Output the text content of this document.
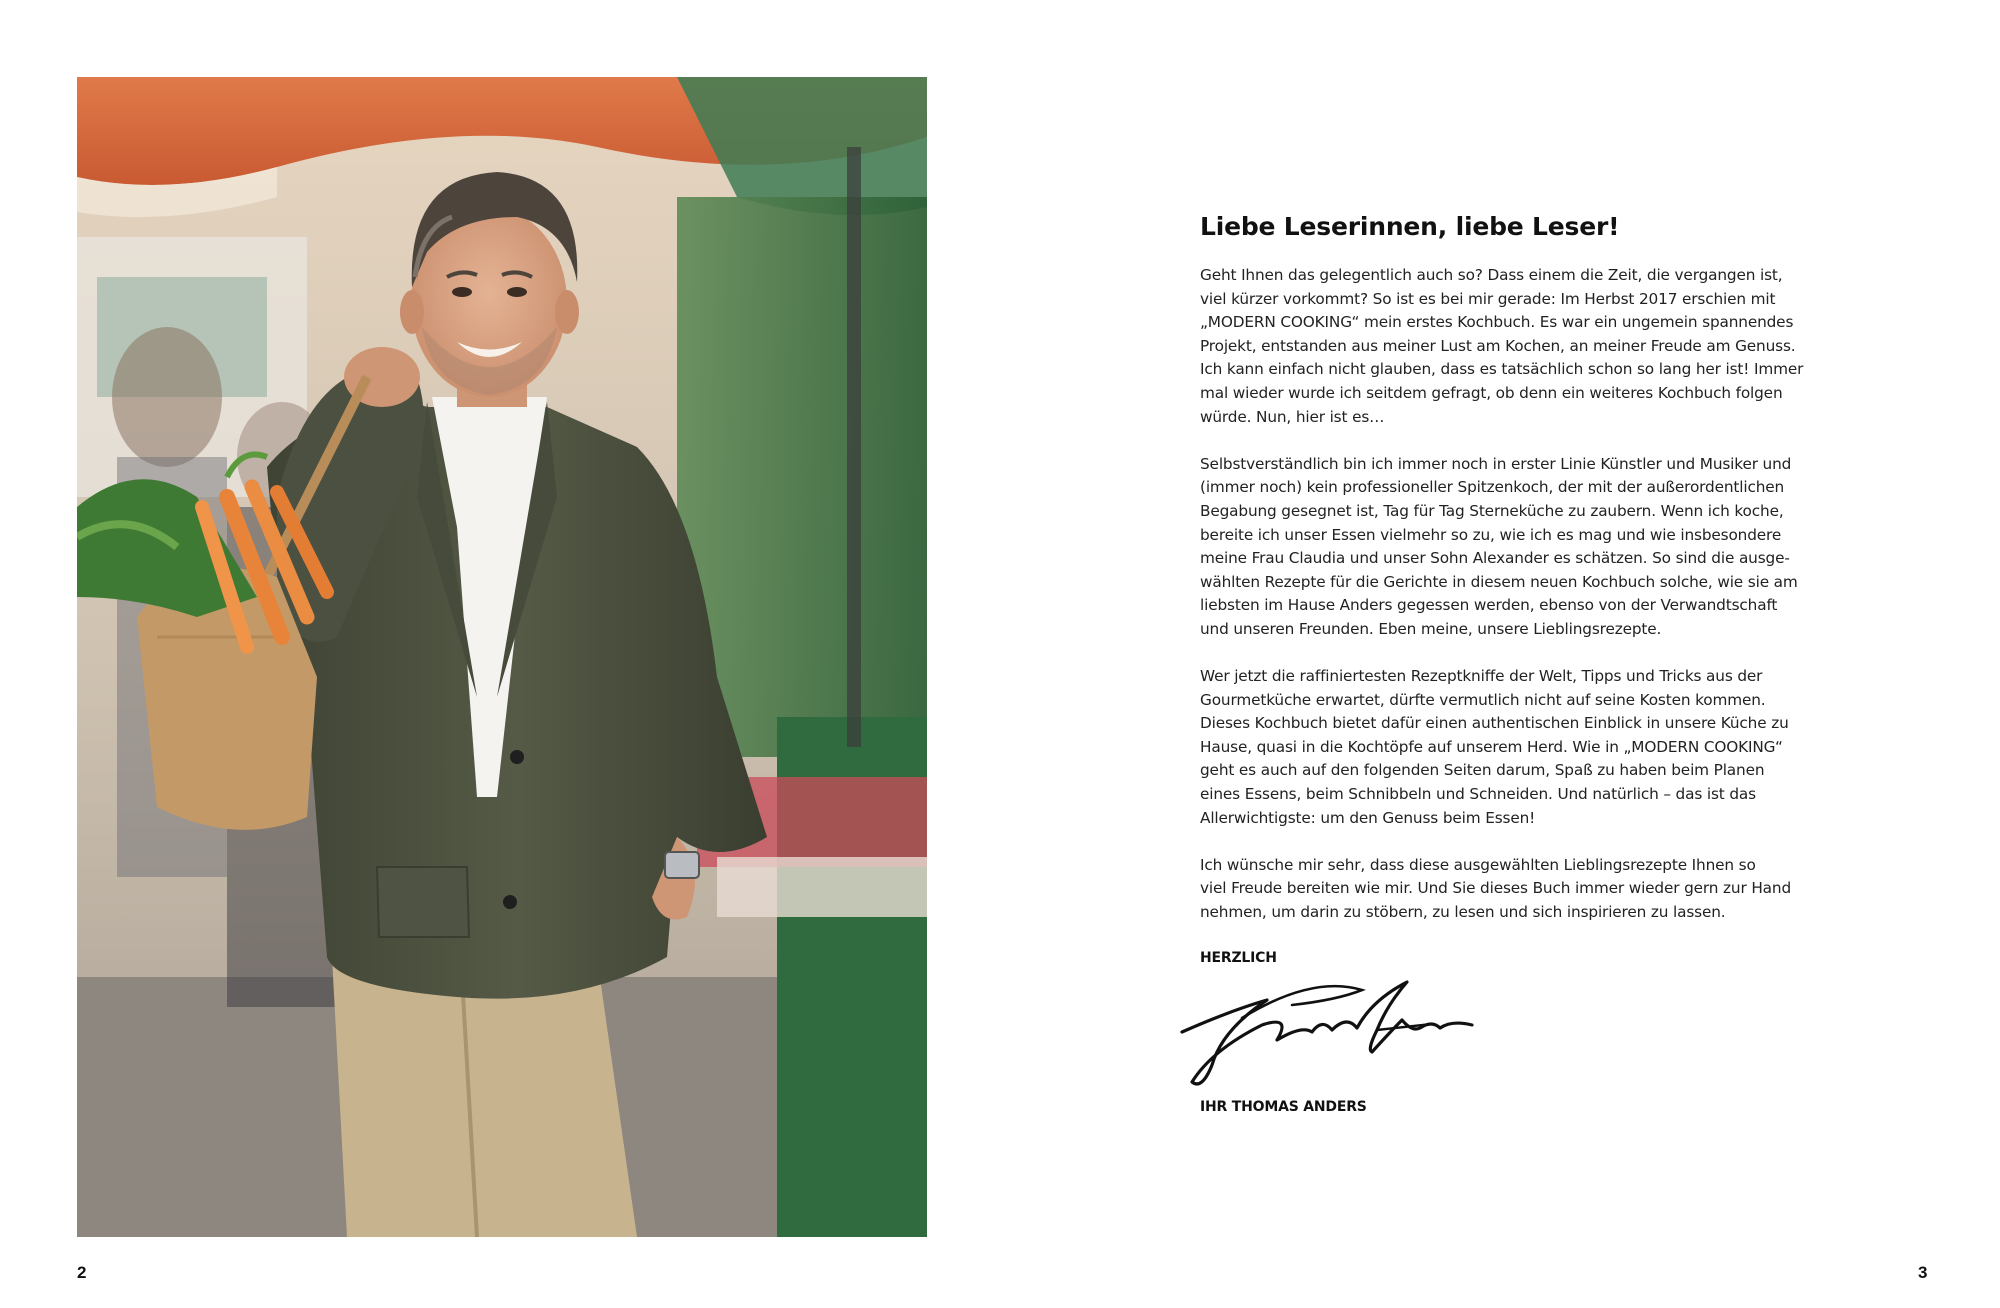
2	3
Liebe Leserinnen, liebe Leser!

Geht Ihnen das gelegentlich auch so? Dass einem die Zeit, die vergangen ist,
viel kürzer vorkommt? So ist es bei mir gerade: Im Herbst 2017 erschien mit
„MODERN COOKING“ mein erstes Kochbuch. Es war ein ungemein spannendes
Projekt, entstanden aus meiner Lust am Kochen, an meiner Freude am Genuss.
Ich kann einfach nicht glauben, dass es tatsächlich schon so lang her ist! Immer
mal wieder wurde ich seitdem gefragt, ob denn ein weiteres Kochbuch folgen
würde. Nun, hier ist es…

Selbstverständlich bin ich immer noch in erster Linie Künstler und Musiker und
(immer noch) kein professioneller Spitzenkoch, der mit der außerordentlichen
Begabung gesegnet ist, Tag für Tag Sterneküche zu zaubern. Wenn ich koche,
bereite ich unser Essen vielmehr so zu, wie ich es mag und wie insbesondere
meine Frau Claudia und unser Sohn Alexander es schätzen. So sind die ausge-
wählten Rezepte für die Gerichte in diesem neuen Kochbuch solche, wie sie am
liebsten im Hause Anders gegessen werden, ebenso von der Verwandtschaft
und unseren Freunden. Eben meine, unsere Lieblingsrezepte.

Wer jetzt die raffiniertesten Rezeptkniffe der Welt, Tipps und Tricks aus der
Gourmetküche erwartet, dürfte vermutlich nicht auf seine Kosten kommen.
Dieses Kochbuch bietet dafür einen authentischen Einblick in unsere Küche zu
Hause, quasi in die Kochtöpfe auf unserem Herd. Wie in „MODERN COOKING“
geht es auch auf den folgenden Seiten darum, Spaß zu haben beim Planen
eines Essens, beim Schnibbeln und Schneiden. Und natürlich – das ist das
Allerwichtigste: um den Genuss beim Essen!

Ich wünsche mir sehr, dass diese ausgewählten Lieblingsrezepte Ihnen so
viel Freude bereiten wie mir. Und Sie dieses Buch immer wieder gern zur Hand
nehmen, um darin zu stöbern, zu lesen und sich inspirieren zu lassen.

HERZLICH
IHR THOMAS ANDERS
